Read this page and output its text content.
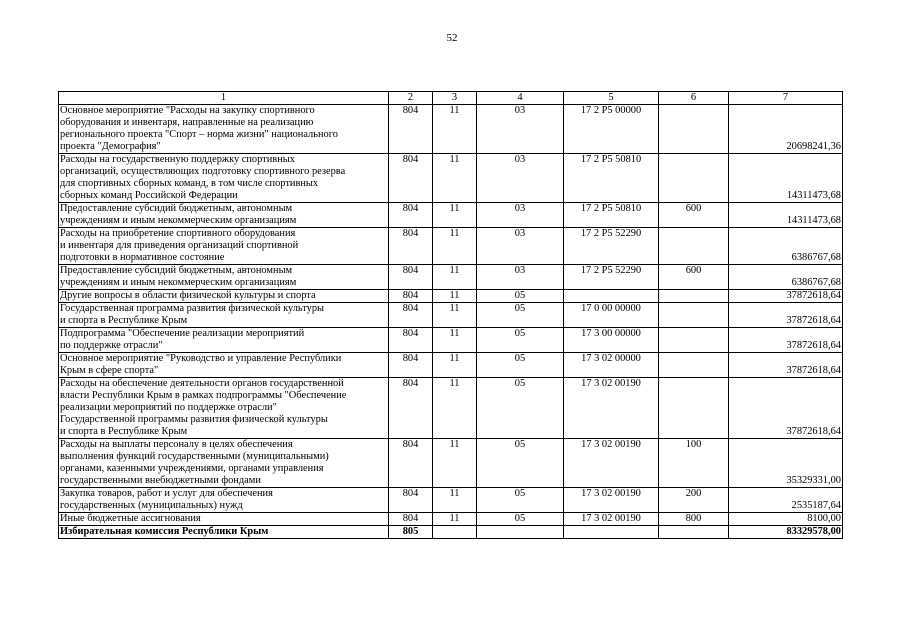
52
1	2	3	4	5	6	7

Основное мероприятие "Расходы на закупку спортивного
оборудования и инвентаря, направленные на реализацию
регионального проекта "Спорт – норма жизни" национального
проекта "Демография"	804	11	03	17 2 P5 00000		20698241,36

Расходы на государственную поддержку спортивных
организаций, осуществляющих подготовку спортивного резерва
для спортивных сборных команд, в том числе спортивных
сборных команд Российской Федерации	804	11	03	17 2 P5 50810		14311473,68

Предоставление субсидий бюджетным, автономным
учреждениям и иным некоммерческим организациям	804	11	03	17 2 P5 50810	600	14311473,68

Расходы на приобретение спортивного оборудования
и инвентаря для приведения организаций спортивной
подготовки в нормативное состояние	804	11	03	17 2 P5 52290		6386767,68

Предоставление субсидий бюджетным, автономным
учреждениям и иным некоммерческим организациям	804	11	03	17 2 P5 52290	600	6386767,68

Другие вопросы в области физической культуры и спорта	804	11	05			37872618,64

Государственная программа развития физической культуры
и спорта в Республике Крым	804	11	05	17 0 00 00000		37872618,64

Подпрограмма "Обеспечение реализации мероприятий
по поддержке отрасли"	804	11	05	17 3 00 00000		37872618,64

Основное мероприятие "Руководство и управление Республики
Крым в сфере спорта"	804	11	05	17 3 02 00000		37872618,64

Расходы на обеспечение деятельности органов государственной
власти Республики Крым в рамках подпрограммы "Обеспечение
реализации мероприятий по поддержке отрасли"
Государственной программы развития физической культуры
и спорта в Республике Крым	804	11	05	17 3 02 00190		37872618,64

Расходы на выплаты персоналу в целях обеспечения
выполнения функций государственными (муниципальными)
органами, казенными учреждениями, органами управления
государственными внебюджетными фондами	804	11	05	17 3 02 00190	100	35329331,00

Закупка товаров, работ и услуг для обеспечения
государственных (муниципальных) нужд	804	11	05	17 3 02 00190	200	2535187,64

Иные бюджетные ассигнования	804	11	05	17 3 02 00190	800	8100,00

Избирательная комиссия Республики Крым	805					83329578,00
